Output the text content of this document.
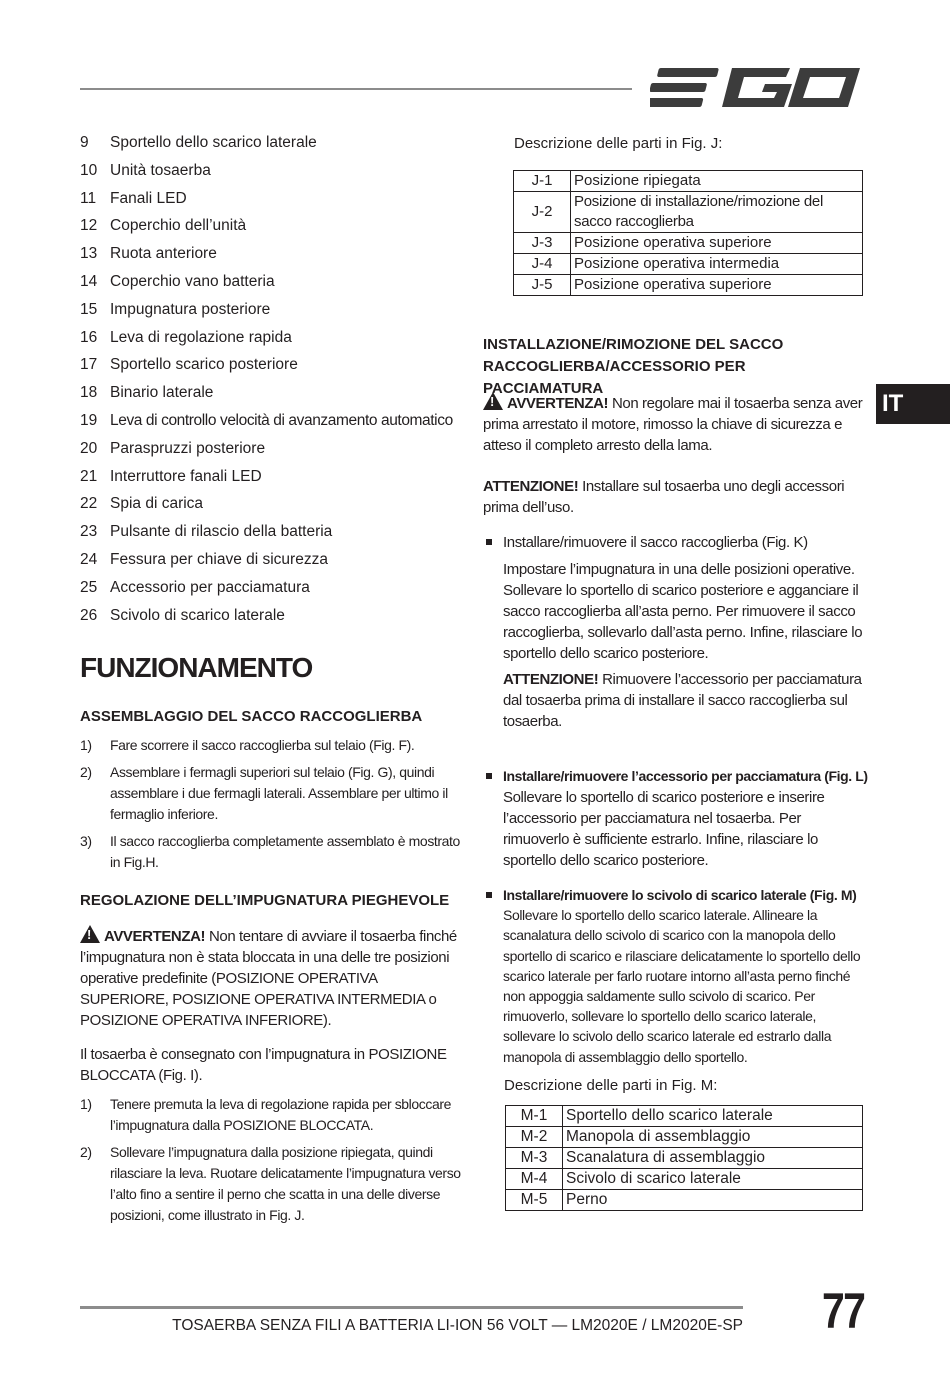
EGO
IT
9 Sportello dello scarico laterale
10 Unità tosaerba
11 Fanali LED
12 Coperchio dell’unità
13 Ruota anteriore
14 Coperchio vano batteria
15 Impugnatura posteriore
16 Leva di regolazione rapida
17 Sportello scarico posteriore
18 Binario laterale
19 Leva di controllo velocità di avanzamento automatico
20 Paraspruzzi posteriore
21 Interruttore fanali LED
22 Spia di carica
23 Pulsante di rilascio della batteria
24 Fessura per chiave di sicurezza
25 Accessorio per pacciamatura
26 Scivolo di scarico laterale
FUNZIONAMENTO
ASSEMBLAGGIO DEL SACCO RACCOGLIERBA
1) Fare scorrere il sacco raccoglierba sul telaio (Fig. F).
2) Assemblare i fermagli superiori sul telaio (Fig. G), quindi assemblare i due fermagli laterali. Assemblare per ultimo il fermaglio inferiore.
3) Il sacco raccoglierba completamente assemblato è mostrato in Fig.H.
REGOLAZIONE DELL’IMPUGNATURA PIEGHEVOLE
!AVVERTENZA! Non tentare di avviare il tosaerba finché l’impugnatura non è stata bloccata in una delle tre posizioni operative predefinite (POSIZIONE OPERATIVA SUPERIORE, POSIZIONE OPERATIVA INTERMEDIA o POSIZIONE OPERATIVA INFERIORE).
Il tosaerba è consegnato con l’impugnatura in POSIZIONE BLOCCATA (Fig. I).
1) Tenere premuta la leva di regolazione rapida per sbloccare l’impugnatura dalla POSIZIONE BLOCCATA.
2) Sollevare l’impugnatura dalla posizione ripiegata, quindi rilasciare la leva. Ruotare delicatamente l’impugnatura verso l’alto fino a sentire il perno che scatta in una delle diverse posizioni, come illustrato in Fig. J.
Descrizione delle parti in Fig. J:
J-1	Posizione ripiegata
J-2	Posizione di installazione/rimozione del sacco raccoglierba
J-3	Posizione operativa superiore
J-4	Posizione operativa intermedia
J-5	Posizione operativa superiore
INSTALLAZIONE/RIMOZIONE DEL SACCO RACCOGLIERBA/ACCESSORIO PER PACCIAMATURA
!AVVERTENZA! Non regolare mai il tosaerba senza aver prima arrestato il motore, rimosso la chiave di sicurezza e atteso il completo arresto della lama.
ATTENZIONE! Installare sul tosaerba uno degli accessori prima dell’uso.
Installare/rimuovere il sacco raccoglierba (Fig. K)
Impostare l’impugnatura in una delle posizioni operative. Sollevare lo sportello di scarico posteriore e agganciare il sacco raccoglierba all’asta perno. Per rimuovere il sacco raccoglierba, sollevarlo dall’asta perno. Infine, rilasciare lo sportello dello scarico posteriore.
ATTENZIONE! Rimuovere l’accessorio per pacciamatura dal tosaerba prima di installare il sacco raccoglierba sul tosaerba.
Installare/rimuovere l’accessorio per pacciamatura (Fig. L)
Sollevare lo sportello di scarico posteriore e inserire l’accessorio per pacciamatura nel tosaerba. Per rimuoverlo è sufficiente estrarlo. Infine, rilasciare lo sportello dello scarico posteriore.
Installare/rimuovere lo scivolo di scarico laterale (Fig. M)
Sollevare lo sportello dello scarico laterale. Allineare la scanalatura dello scivolo di scarico con la manopola dello sportello di scarico e rilasciare delicatamente lo sportello dello scarico laterale per farlo ruotare intorno all’asta perno finché non appoggia saldamente sullo scivolo di scarico. Per rimuoverlo, sollevare lo sportello dello scarico laterale, sollevare lo scivolo dello scarico laterale ed estrarlo dalla manopola di assemblaggio dello sportello.
Descrizione delle parti in Fig. M:
M-1	Sportello dello scarico laterale
M-2	Manopola di assemblaggio
M-3	Scanalatura di assemblaggio
M-4	Scivolo di scarico laterale
M-5	Perno
TOSAERBA SENZA FILI A BATTERIA LI-ION 56 VOLT — LM2020E / LM2020E-SP 77
